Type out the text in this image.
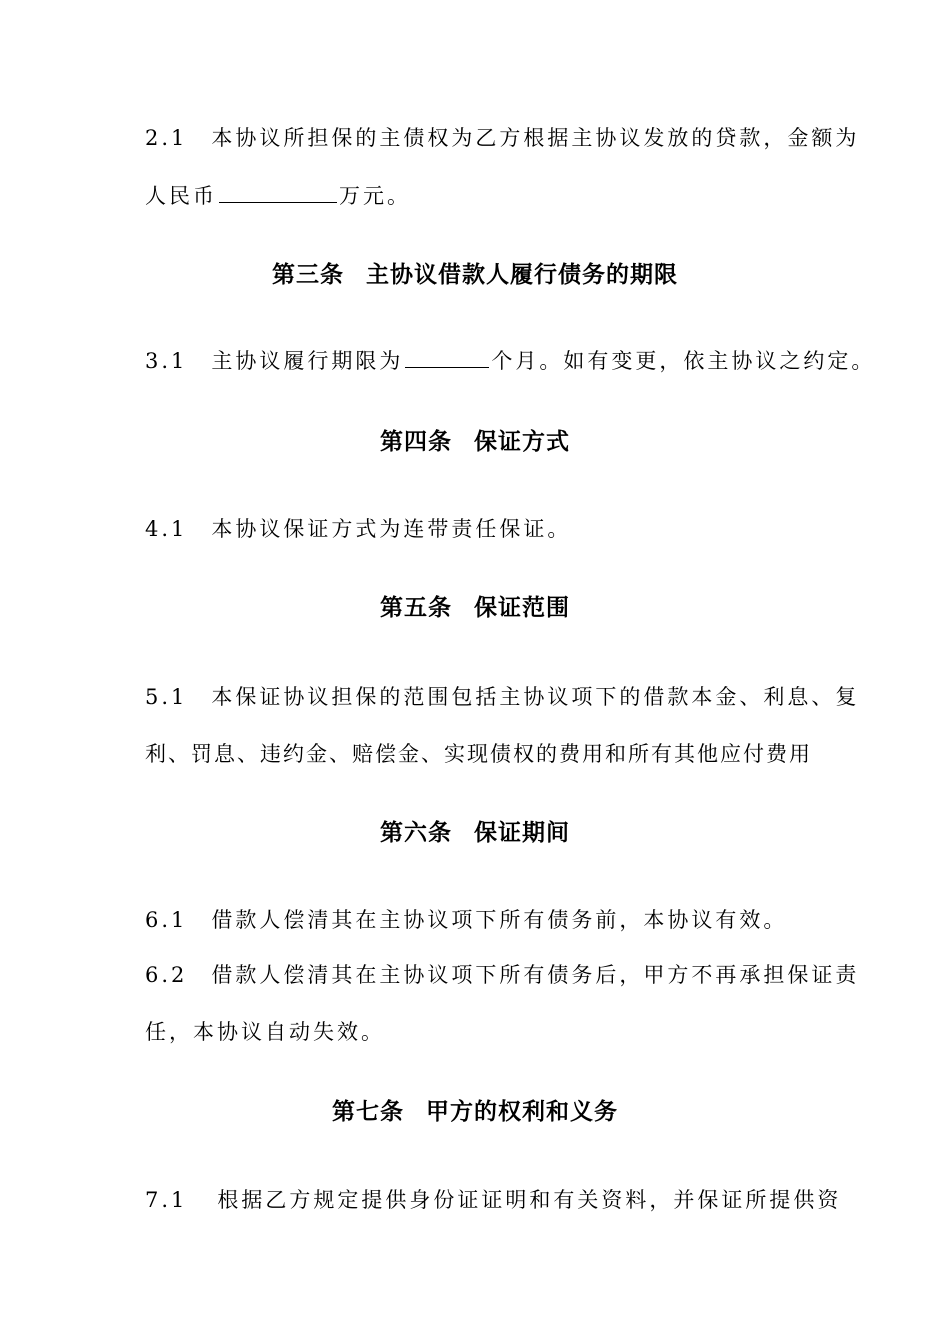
2.1 本协议所担保的主债权为乙方根据主协议发放的贷款，金额为
人民币	万元。
第三条 主协议借款人履行债务的期限
3.1 主协议履行期限为	个月。如有变更，依主协议之约定。
第四条 保证方式
4.1 本协议保证方式为连带责任保证。
第五条 保证范围
5.1 本保证协议担保的范围包括主协议项下的借款本金、利息、复
利、罚息、违约金、赔偿金、实现债权的费用和所有其他应付费用
第六条 保证期间
6.1 借款人偿清其在主协议项下所有债务前，本协议有效。
6.2 借款人偿清其在主协议项下所有债务后，甲方不再承担保证责
任，本协议自动失效。
第七条 甲方的权利和义务
7.1 根据乙方规定提供身份证证明和有关资料，并保证所提供资
